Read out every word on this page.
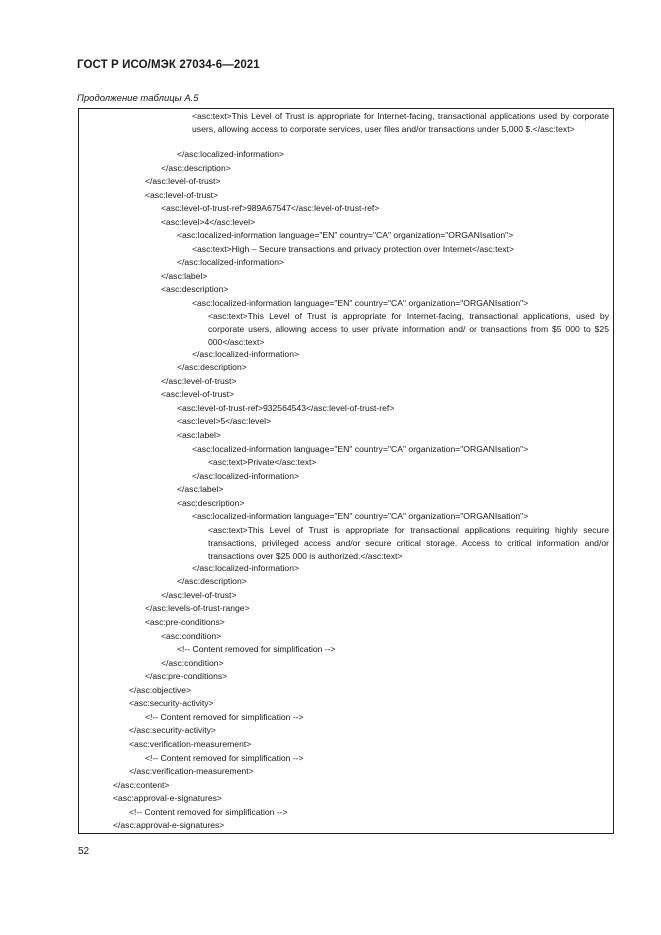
ГОСТ Р ИСО/МЭК 27034-6—2021
Продолжение таблицы А.5
<asc:text>This Level of Trust is appropriate for Internet-facing, transactional applications used by corporate users, allowing access to corporate services, user files and/or transactions under 5,000 $.</asc:text>
</asc:localized-information>
</asc:description>
</asc:level-of-trust>
<asc:level-of-trust>
<asc:level-of-trust-ref>989A67547</asc:level-of-trust-ref>
<asc:level>4</asc:level>
<asc:localized-information language="EN" country="CA" organization="ORGANIsation">
<asc:text>High – Secure transactions and privacy protection over Internet</asc:text>
</asc:localized-information>
</asc:label>
<asc:description>
<asc:localized-information language="EN" country="CA" organization="ORGANIsation">
<asc:text>This Level of Trust is appropriate for Internet-facing, transactional applications, used by corporate users, allowing access to user private information and/ or transactions from $5 000 to $25 000</asc:text>
</asc:localized-information>
</asc:description>
</asc:level-of-trust>
<asc:level-of-trust>
<asc:level-of-trust-ref>932564543</asc:level-of-trust-ref>
<asc:level>5</asc:level>
<asc:label>
<asc:localized-information language="EN" country="CA" organization="ORGANIsation">
<asc:text>Private</asc:text>
</asc:localized-information>
</asc:label>
<asc:description>
<asc:localized-information language="EN" country="CA" organization="ORGANIsation">
<asc:text>This Level of Trust is appropriate for transactional applications requiring highly secure transactions, privileged access and/or secure critical storage. Access to critical information and/or transactions over $25 000 is authorized.</asc:text>
</asc:localized-information>
</asc:description>
</asc:level-of-trust>
</asc:levels-of-trust-range>
<asc:pre-conditions>
<asc:condition>
<!-- Content removed for simplification -->
</asc:condition>
</asc:pre-conditions>
</asc:objective>
<asc:security-activity>
<!-- Content removed for simplification -->
</asc:security-activity>
<asc:verification-measurement>
<!-- Content removed for simplification -->
</asc:verification-measurement>
</asc:content>
<asc:approval-e-signatures>
<!-- Content removed for simplification -->
</asc:approval-e-signatures>
52
